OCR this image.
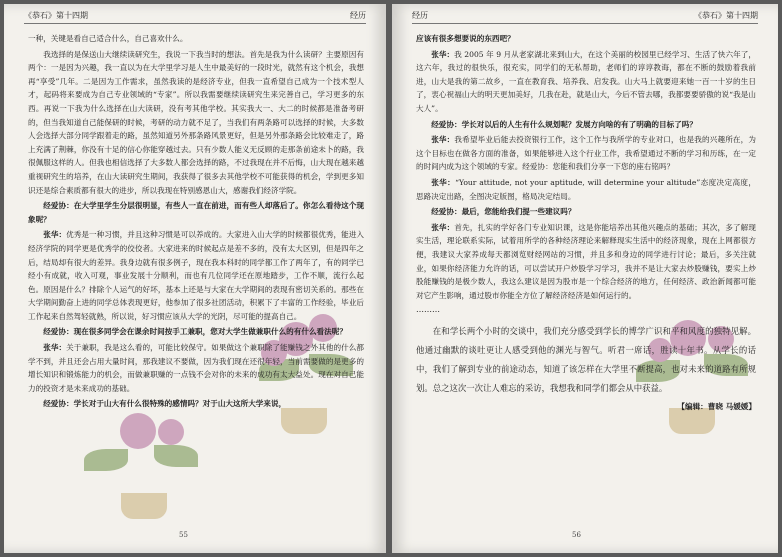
《恭石》第十四期	经历

一种，关键是看自己适合什么，自己喜欢什么。

我选择的是保送山大继续读研究生，我说一下我当时的想法。首先是我为什么读研？主要原因有两个：一是因为兴趣，我一直以为在大学里学习是人生中最美好的一段时光，就然有这个机会，我想再“享受”几年。二是因为工作需求，虽然我读的是经济专业，但我一直希望自己成为一个技术型人才，起码将来要成为自己专业领域的“专家”。所以我需要继续读研究生来完善自己，学习更多的东西。再说一下我为什么选择在山大读研，没有考其他学校。其实我大一、大二的时候都是准备考研的，但当我知道自己能保研的时候，考研的动力就不足了，当我们有两条路可以选择的时候，大多数人会选择大部分同学跟着走的路，虽然知道另外那条路风景更好，但是另外那条路会比较难走了，路上充满了荆棘，你没有十足的信心你能穿越过去。只有少数人能义无反顾的走那条前途未卜的路，我很佩服这样的人。但我也相信选择了大多数人都会选择的路，不过我现在并不后悔，山大现在越来越重视研究生的培养，在山大读研究生期间，我获得了很多去其他学校不可能获得的机会，学到更多知识还是综合素质都有很大的进步，所以我现在特别感恩山大，感谢我们经济学院。

经爱协：在大学里学生分层很明显，有些人一直在前进，而有些人却落后了。你怎么看待这个现象呢？

张华：优秀是一种习惯，并且这种习惯是可以养成的。大家进入山大学的时候都很优秀，能进入经济学院的同学更是优秀学的佼佼者。大家进来的时候起点是差不多的，没有太大区别，但是四年之后，结局却有很大的差异。我身边就有很多例子，现在我本科时的同学都工作了两年了，有的同学已经小有成就，收入可观，事业发展十分顺利，而也有几位同学还在原地踏步，工作不顺，流行么起色。原因是什么？排除个人运气的好坏，基本上还是与大家在大学期间的表现有密切关系的。那些在大学期间勤奋上进的同学总体表现更好，他参加了很多社团活动，积累下了丰富的工作经验，毕业后工作起来自然驾轻就熟，所以说，好习惯应该从大学的光阴，尽可能的提高自己。

经爱协：现在很多同学会在课余时间按手工兼职，您对大学生做兼职什么的有什么看法呢？

张华：关于兼职，我是这么看的，可能比较保守。如果做这个兼职除了能赚钱之外其他的什么都学不到，并且还会占用大量时间，那我建议不要做，因为我们现在还很年轻，当前需要做的是更多的增长知识和锻炼能力的机会，而做兼职赚的一点钱不会对你的未来的成功有太大益处。现在对自己能力的投资才是未来成功的基础。

经爱协：学长对于山大有什么很特殊的感情吗？对于山大这所大学来说，

55
经历	《恭石》第十四期

应该有很多想要说的东西吧？

张华：我 2005 年 9 月从老家湖北来到山大，在这个美丽的校园里已经学习、生活了快六年了，这六年，我过的很快乐，很充实，同学们的无私帮助，老师们的谆谆教诲，都在不断的鼓励着我前进，山大是我的第二故乡，一直在教育我、培养我、启发我。山大马上就要迎来她一百一十岁的生日了，衷心祝福山大的明天更加美好，几我在赴，就是山大，今后不管去哪，我都要要骄傲的说“我是山大人”。

经爱协：学长对以后的人生有什么规划呢？发展方向啥的有了明确的目标了吗？

张华：我希望毕业后能去投资银行工作，这个工作与我所学的专业对口，也是我的兴趣所在，为这个目标也在做各方面的准备，如果能够进入这个行业工作，我希望通过不断的学习和历练，在一定的时间内成为这个领域的专家。经爱协：您能和我们分享一下您的座右铭吗？

张华：“Your attitude, not your aptitude, will determine your altitude”态度决定高度，思路决定出路，全图决定版图，格局决定结局。

经爱协：最后，您能给我们提一些建议吗？

张华：首先，扎实的学好各门专业知识课，这是你能培养出其他兴趣点的基础；其次，多了解现实生活，理论联系实际，试着用所学的各种经济理论来解释现实生活中的经济现象，现在上网都很方便，我建议大家养成每天都浏览财经网站的习惯，并且多和身边的同学进行讨论；最后，多关注就业，如果你经济能力允许的话，可以尝试开户炒股学习学习，我并不是让大家去炒股赚钱，要实上炒股能赚钱的是极少数人，我这么建议是因为股市是一个综合经济的地方，任何经济、政治新闻都可能对它产生影响，通过股市你能全方位了解经济经济是如何运行的。

………

在和学长两个小时的交谈中，我们充分感受到学长的博学广识和平和风度的独特见解。他通过幽默的谈吐更让人感受到他的渊光与智气。听君一席话，胜读十年书。从学长的话中，我们了解到专业的前途动态，知道了该怎样在大学里不断提高，也对未来的道路有所规划。总之这次一次让人难忘的采访，我想我和同学们都会从中获益。

【编辑：曹晓 马媛媛】
56
